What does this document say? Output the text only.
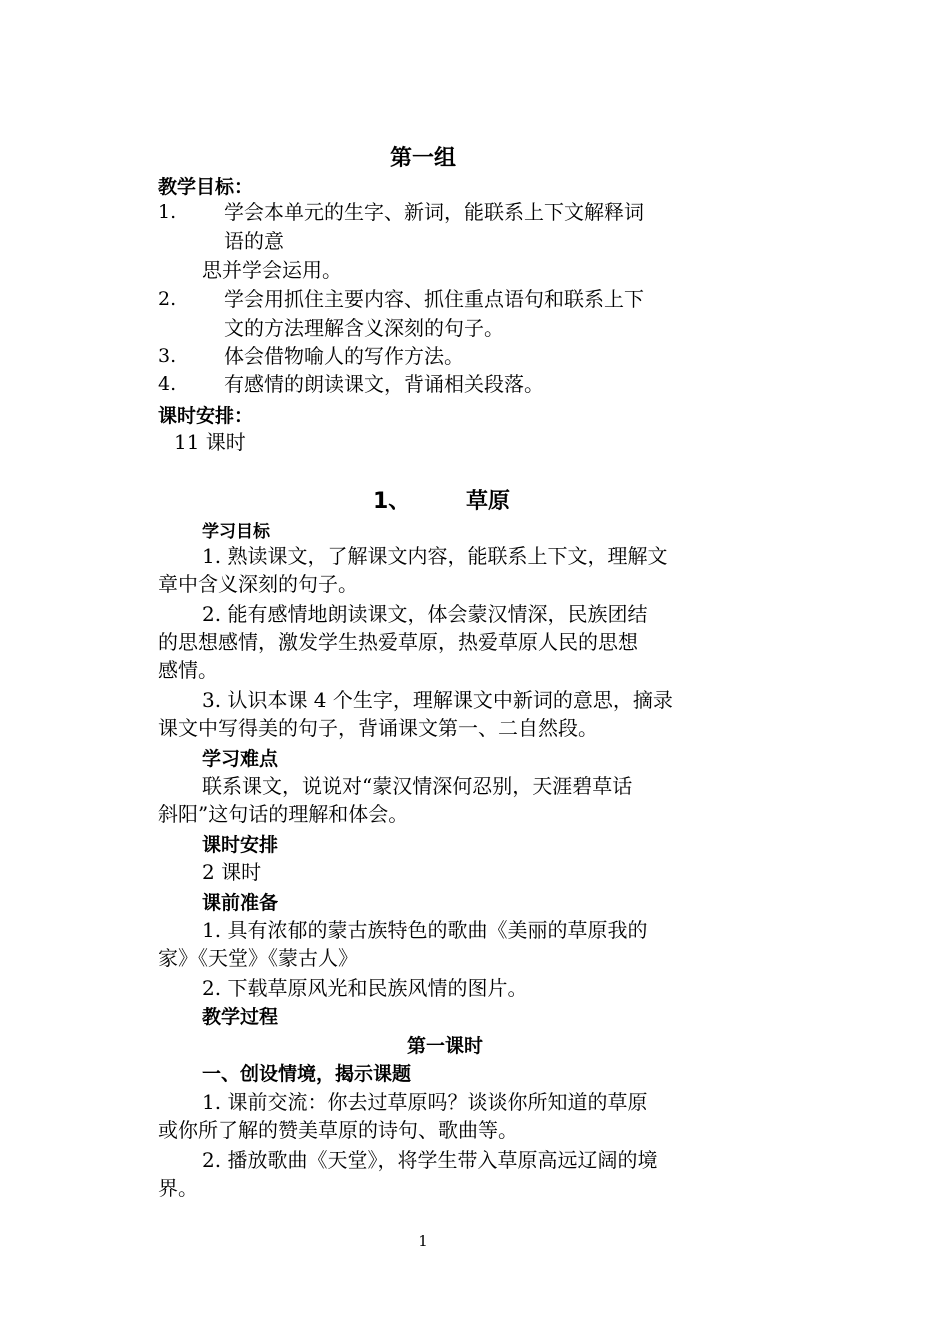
第一组
教学目标：
1. 学会本单元的生字、新词，能联系上下文解释词
语的意
思并学会运用。
2. 学会用抓住主要内容、抓住重点语句和联系上下
文的方法理解含义深刻的句子。
3. 体会借物喻人的写作方法。
4. 有感情的朗读课文，背诵相关段落。
课时安排：
11 课时
1、	草原
学习目标
1. 熟读课文，了解课文内容，能联系上下文，理解文
章中含义深刻的句子。
2. 能有感情地朗读课文，体会蒙汉情深，民族团结
的思想感情，激发学生热爱草原，热爱草原人民的思想
感情。
3. 认识本课 4 个生字，理解课文中新词的意思，摘录
课文中写得美的句子，背诵课文第一、二自然段。
学习难点
联系课文，说说对“蒙汉情深何忍别，天涯碧草话
斜阳”这句话的理解和体会。
课时安排
2 课时
课前准备
1. 具有浓郁的蒙古族特色的歌曲《美丽的草原我的
家》《天堂》《蒙古人》
2. 下载草原风光和民族风情的图片。
教学过程
第一课时
一、创设情境，揭示课题
1. 课前交流：你去过草原吗？谈谈你所知道的草原
或你所了解的赞美草原的诗句、歌曲等。
2. 播放歌曲《天堂》，将学生带入草原高远辽阔的境
界。
1
